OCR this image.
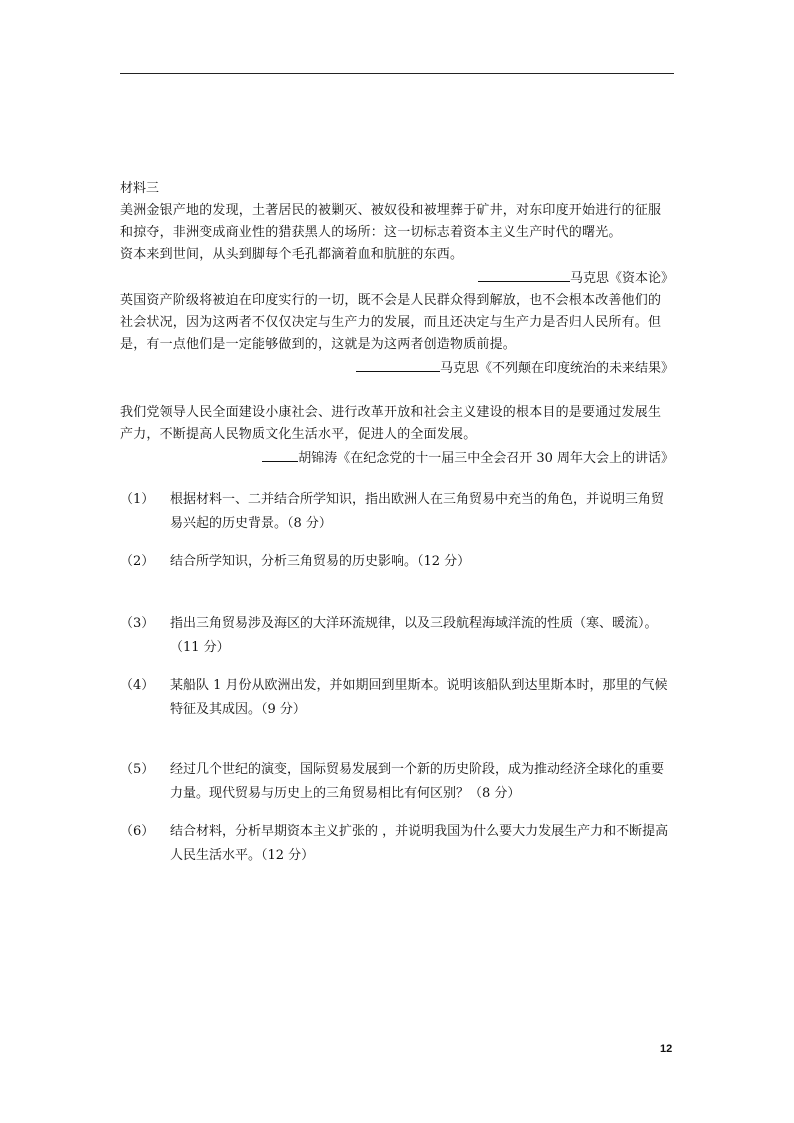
材料三

美洲金银产地的发现，土著居民的被剿灭、被奴役和被埋葬于矿井，对东印度开始进行的征服和掠夺，非洲变成商业性的猎获黑人的场所：这一切标志着资本主义生产时代的曙光。

资本来到世间，从头到脚每个毛孔都滴着血和肮脏的东西。

马克思《资本论》

英国资产阶级将被迫在印度实行的一切，既不会是人民群众得到解放，也不会根本改善他们的社会状况，因为这两者不仅仅决定与生产力的发展，而且还决定与生产力是否归人民所有。但是，有一点他们是一定能够做到的，这就是为这两者创造物质前提。

马克思《不列颠在印度统治的未来结果》

我们党领导人民全面建设小康社会、进行改革开放和社会主义建设的根本目的是要通过发展生产力，不断提高人民物质文化生活水平，促进人的全面发展。

胡锦涛《在纪念党的十一届三中全会召开 30 周年大会上的讲话》

（1） 根据材料一、二并结合所学知识，指出欧洲人在三角贸易中充当的角色，并说明三角贸易兴起的历史背景。（8 分）
（2） 结合所学知识，分析三角贸易的历史影响。（12 分）
（3） 指出三角贸易涉及海区的大洋环流规律，以及三段航程海域洋流的性质（寒、暖流）。（11 分）
（4） 某船队 1 月份从欧洲出发，并如期回到里斯本。说明该船队到达里斯本时，那里的气候特征及其成因。（9 分）
（5） 经过几个世纪的演变，国际贸易发展到一个新的历史阶段，成为推动经济全球化的重要力量。现代贸易与历史上的三角贸易相比有何区别？（8 分）
（6） 结合材料，分析早期资本主义扩张的 ，并说明我国为什么要大力发展生产力和不断提高人民生活水平。（12 分）
12
